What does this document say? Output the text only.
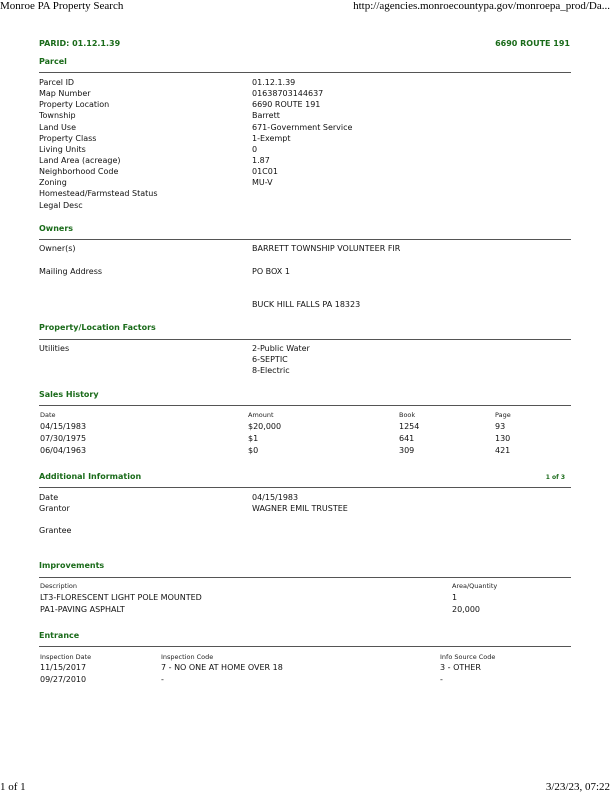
Monroe PA Property Search	http://agencies.monroecountypa.gov/monroepa_prod/Da...
PARID: 01.12.1.39	6690 ROUTE 191
Parcel
Parcel ID	01.12.1.39
Map Number	01638703144637
Property Location	6690 ROUTE 191
Township	Barrett
Land Use	671-Government Service
Property Class	1-Exempt
Living Units	0
Land Area (acreage)	1.87
Neighborhood Code	01C01
Zoning	MU-V
Homestead/Farmstead Status
Legal Desc
Owners
Owner(s)	BARRETT TOWNSHIP VOLUNTEER FIR
Mailing Address	PO BOX 1
BUCK HILL FALLS PA 18323
Property/Location Factors
Utilities	2-Public Water
6-SEPTIC
8-Electric
Sales History
Date	Amount	Book	Page
04/15/1983	$20,000	1254	93
07/30/1975	$1	641	130
06/04/1963	$0	309	421
Additional Information	1 of 3
Date	04/15/1983
Grantor	WAGNER EMIL TRUSTEE
Grantee
Improvements
Description	Area/Quantity
LT3-FLORESCENT LIGHT POLE MOUNTED	1
PA1-PAVING ASPHALT	20,000
Entrance
Inspection Date	Inspection Code	Info Source Code
11/15/2017	7 - NO ONE AT HOME OVER 18	3 - OTHER
09/27/2010	-	-
1 of 1	3/23/23, 07:22
